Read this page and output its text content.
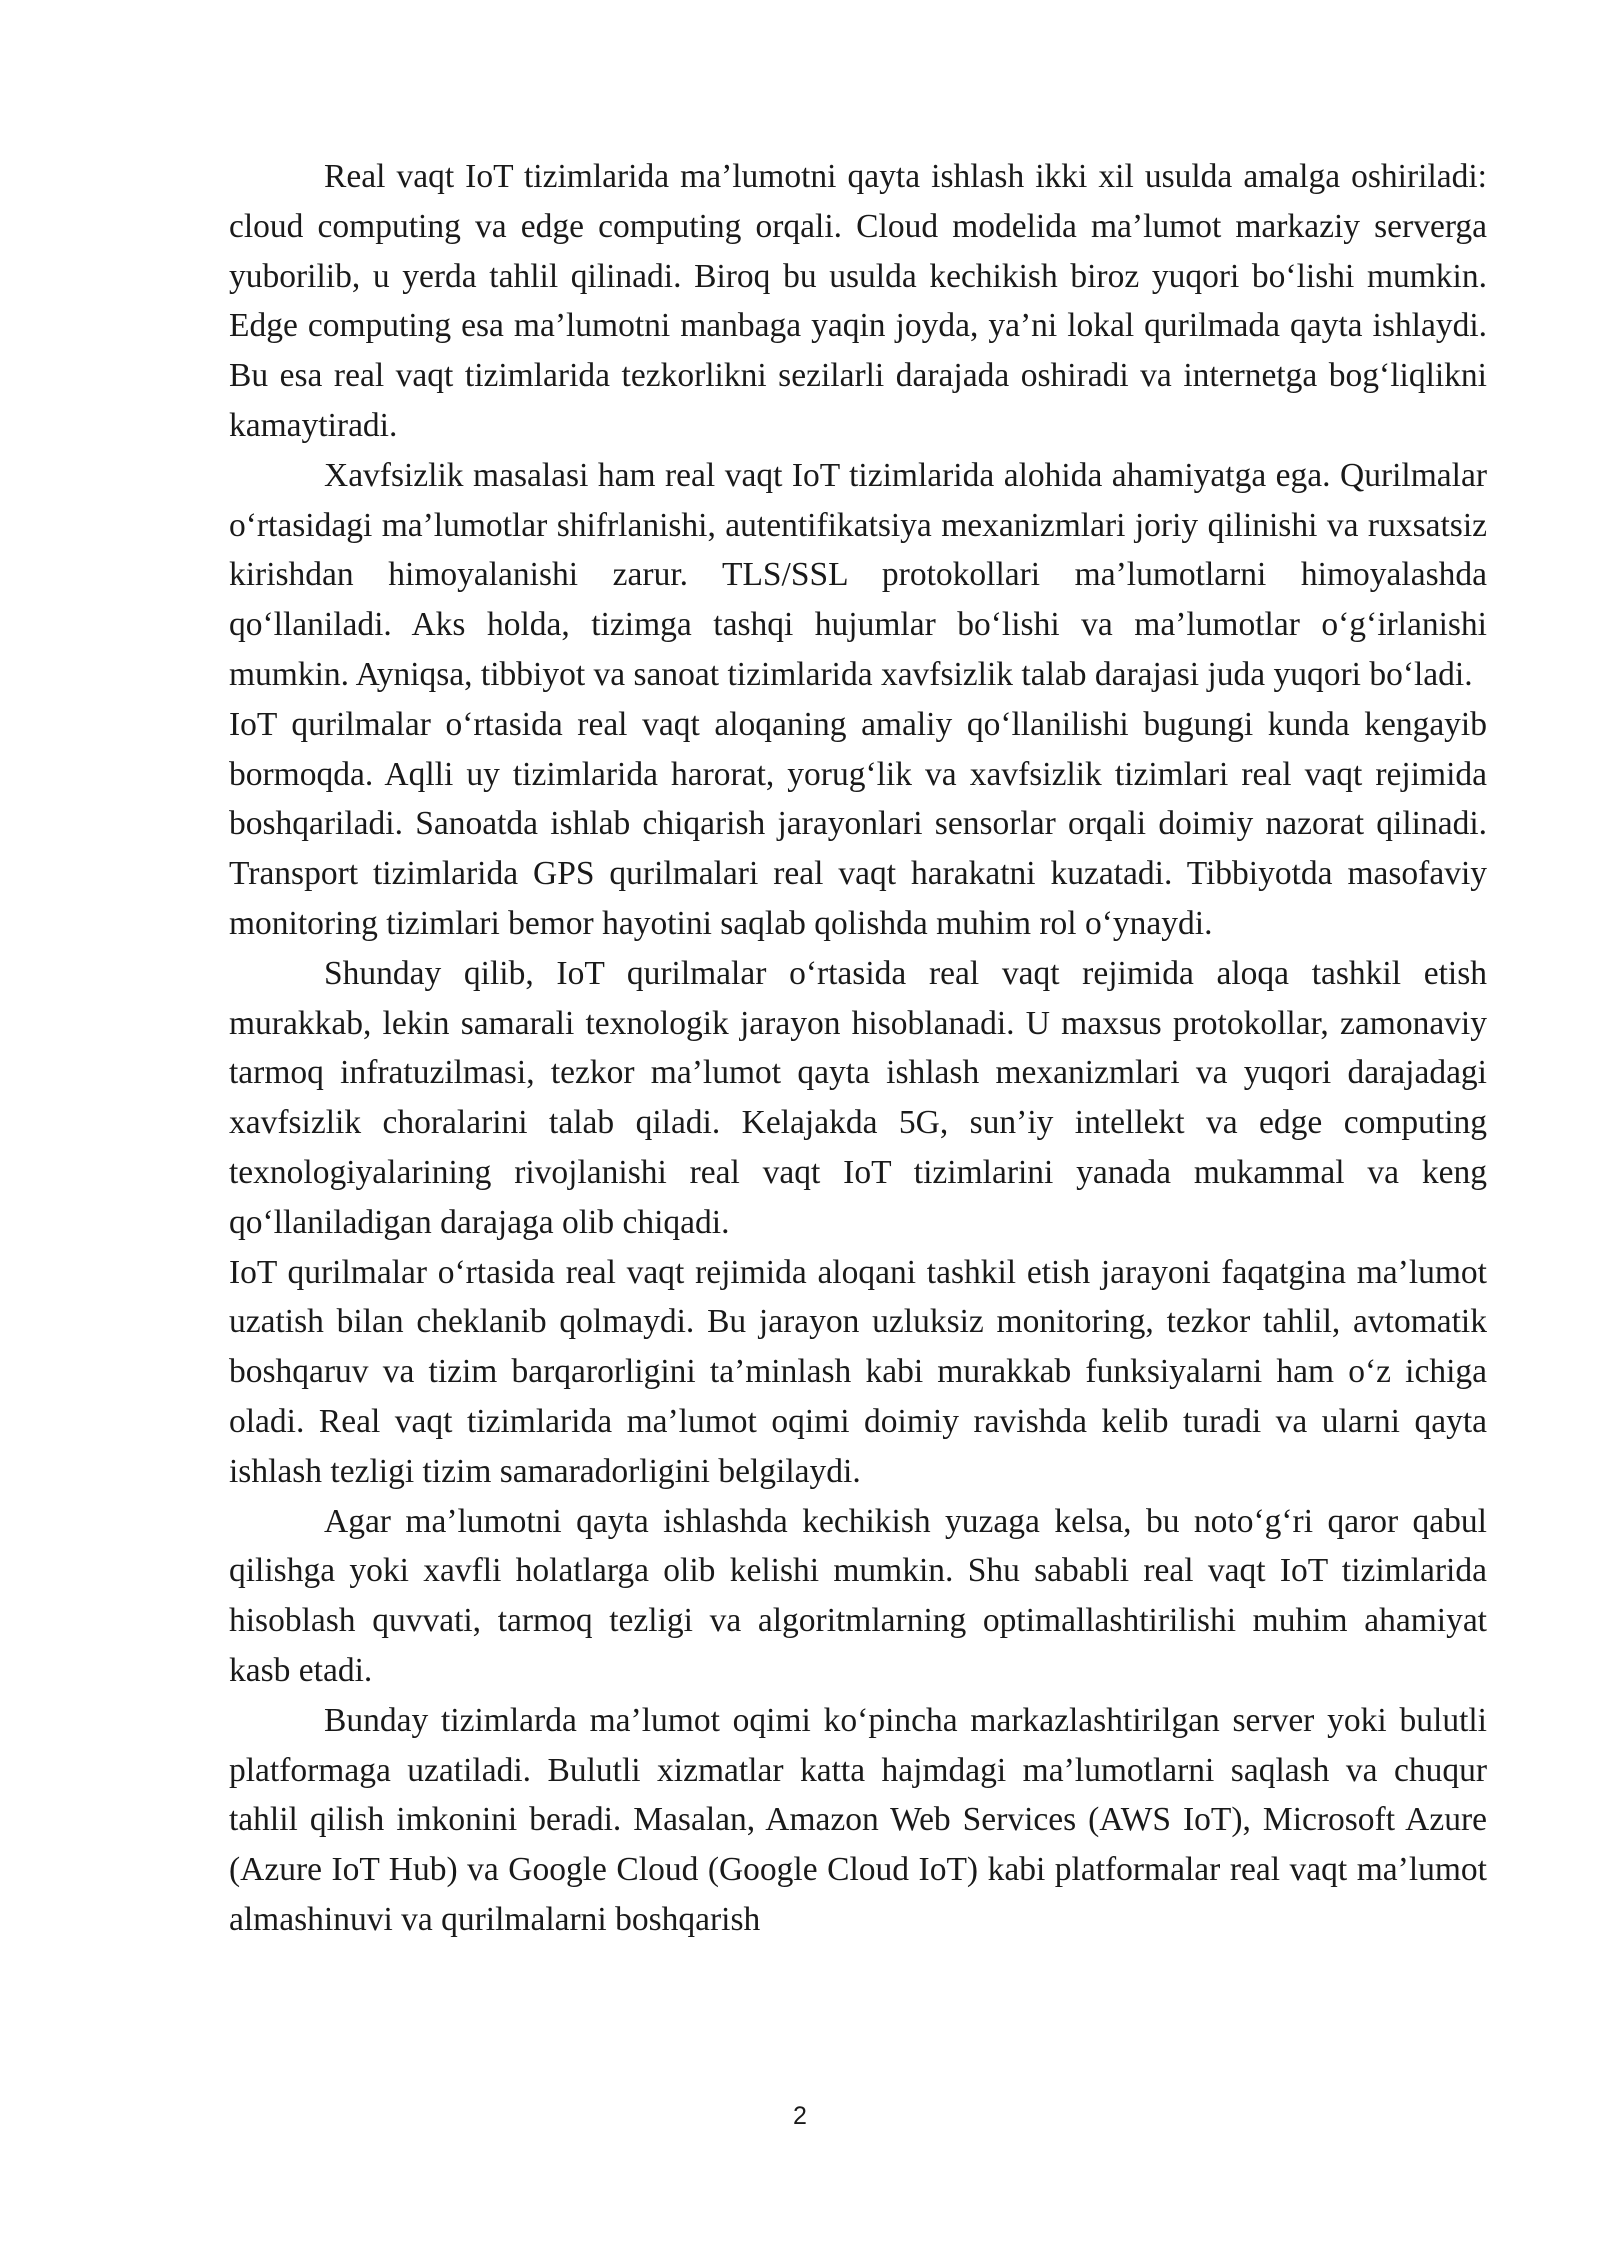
Real vaqt IoT tizimlarida ma’lumotni qayta ishlash ikki xil usulda amalga oshiriladi: cloud computing va edge computing orqali. Cloud modelida ma’lumot markaziy serverga yuborilib, u yerda tahlil qilinadi. Biroq bu usulda kechikish biroz yuqori bo‘lishi mumkin. Edge computing esa ma’lumotni manbaga yaqin joyda, ya’ni lokal qurilmada qayta ishlaydi. Bu esa real vaqt tizimlarida tezkorlikni sezilarli darajada oshiradi va internetga bog‘liqlikni kamaytiradi.

Xavfsizlik masalasi ham real vaqt IoT tizimlarida alohida ahamiyatga ega. Qurilmalar o‘rtasidagi ma’lumotlar shifrlanishi, autentifikatsiya mexanizmlari joriy qilinishi va ruxsatsiz kirishdan himoyalanishi zarur. TLS/SSL protokollari ma’lumotlarni himoyalashda qo‘llaniladi. Aks holda, tizimga tashqi hujumlar bo‘lishi va ma’lumotlar o‘g‘irlanishi mumkin. Ayniqsa, tibbiyot va sanoat tizimlarida xavfsizlik talab darajasi juda yuqori bo‘ladi.

IoT qurilmalar o‘rtasida real vaqt aloqaning amaliy qo‘llanilishi bugungi kunda kengayib bormoqda. Aqlli uy tizimlarida harorat, yorug‘lik va xavfsizlik tizimlari real vaqt rejimida boshqariladi. Sanoatda ishlab chiqarish jarayonlari sensorlar orqali doimiy nazorat qilinadi. Transport tizimlarida GPS qurilmalari real vaqt harakatni kuzatadi. Tibbiyotda masofaviy monitoring tizimlari bemor hayotini saqlab qolishda muhim rol o‘ynaydi.

Shunday qilib, IoT qurilmalar o‘rtasida real vaqt rejimida aloqa tashkil etish murakkab, lekin samarali texnologik jarayon hisoblanadi. U maxsus protokollar, zamonaviy tarmoq infratuzilmasi, tezkor ma’lumot qayta ishlash mexanizmlari va yuqori darajadagi xavfsizlik choralarini talab qiladi. Kelajakda 5G, sun’iy intellekt va edge computing texnologiyalarining rivojlanishi real vaqt IoT tizimlarini yanada mukammal va keng qo‘llaniladigan darajaga olib chiqadi.

IoT qurilmalar o‘rtasida real vaqt rejimida aloqani tashkil etish jarayoni faqatgina ma’lumot uzatish bilan cheklanib qolmaydi. Bu jarayon uzluksiz monitoring, tezkor tahlil, avtomatik boshqaruv va tizim barqarorligini ta’minlash kabi murakkab funksiyalarni ham o‘z ichiga oladi. Real vaqt tizimlarida ma’lumot oqimi doimiy ravishda kelib turadi va ularni qayta ishlash tezligi tizim samaradorligini belgilaydi.

Agar ma’lumotni qayta ishlashda kechikish yuzaga kelsa, bu noto‘g‘ri qaror qabul qilishga yoki xavfli holatlarga olib kelishi mumkin. Shu sababli real vaqt IoT tizimlarida hisoblash quvvati, tarmoq tezligi va algoritmlarning optimallashtirilishi muhim ahamiyat kasb etadi.

Bunday tizimlarda ma’lumot oqimi ko‘pincha markazlashtirilgan server yoki bulutli platformaga uzatiladi. Bulutli xizmatlar katta hajmdagi ma’lumotlarni saqlash va chuqur tahlil qilish imkonini beradi. Masalan, Amazon Web Services (AWS IoT), Microsoft Azure (Azure IoT Hub) va Google Cloud (Google Cloud IoT) kabi platformalar real vaqt ma’lumot almashinuvi va qurilmalarni boshqarish

2
